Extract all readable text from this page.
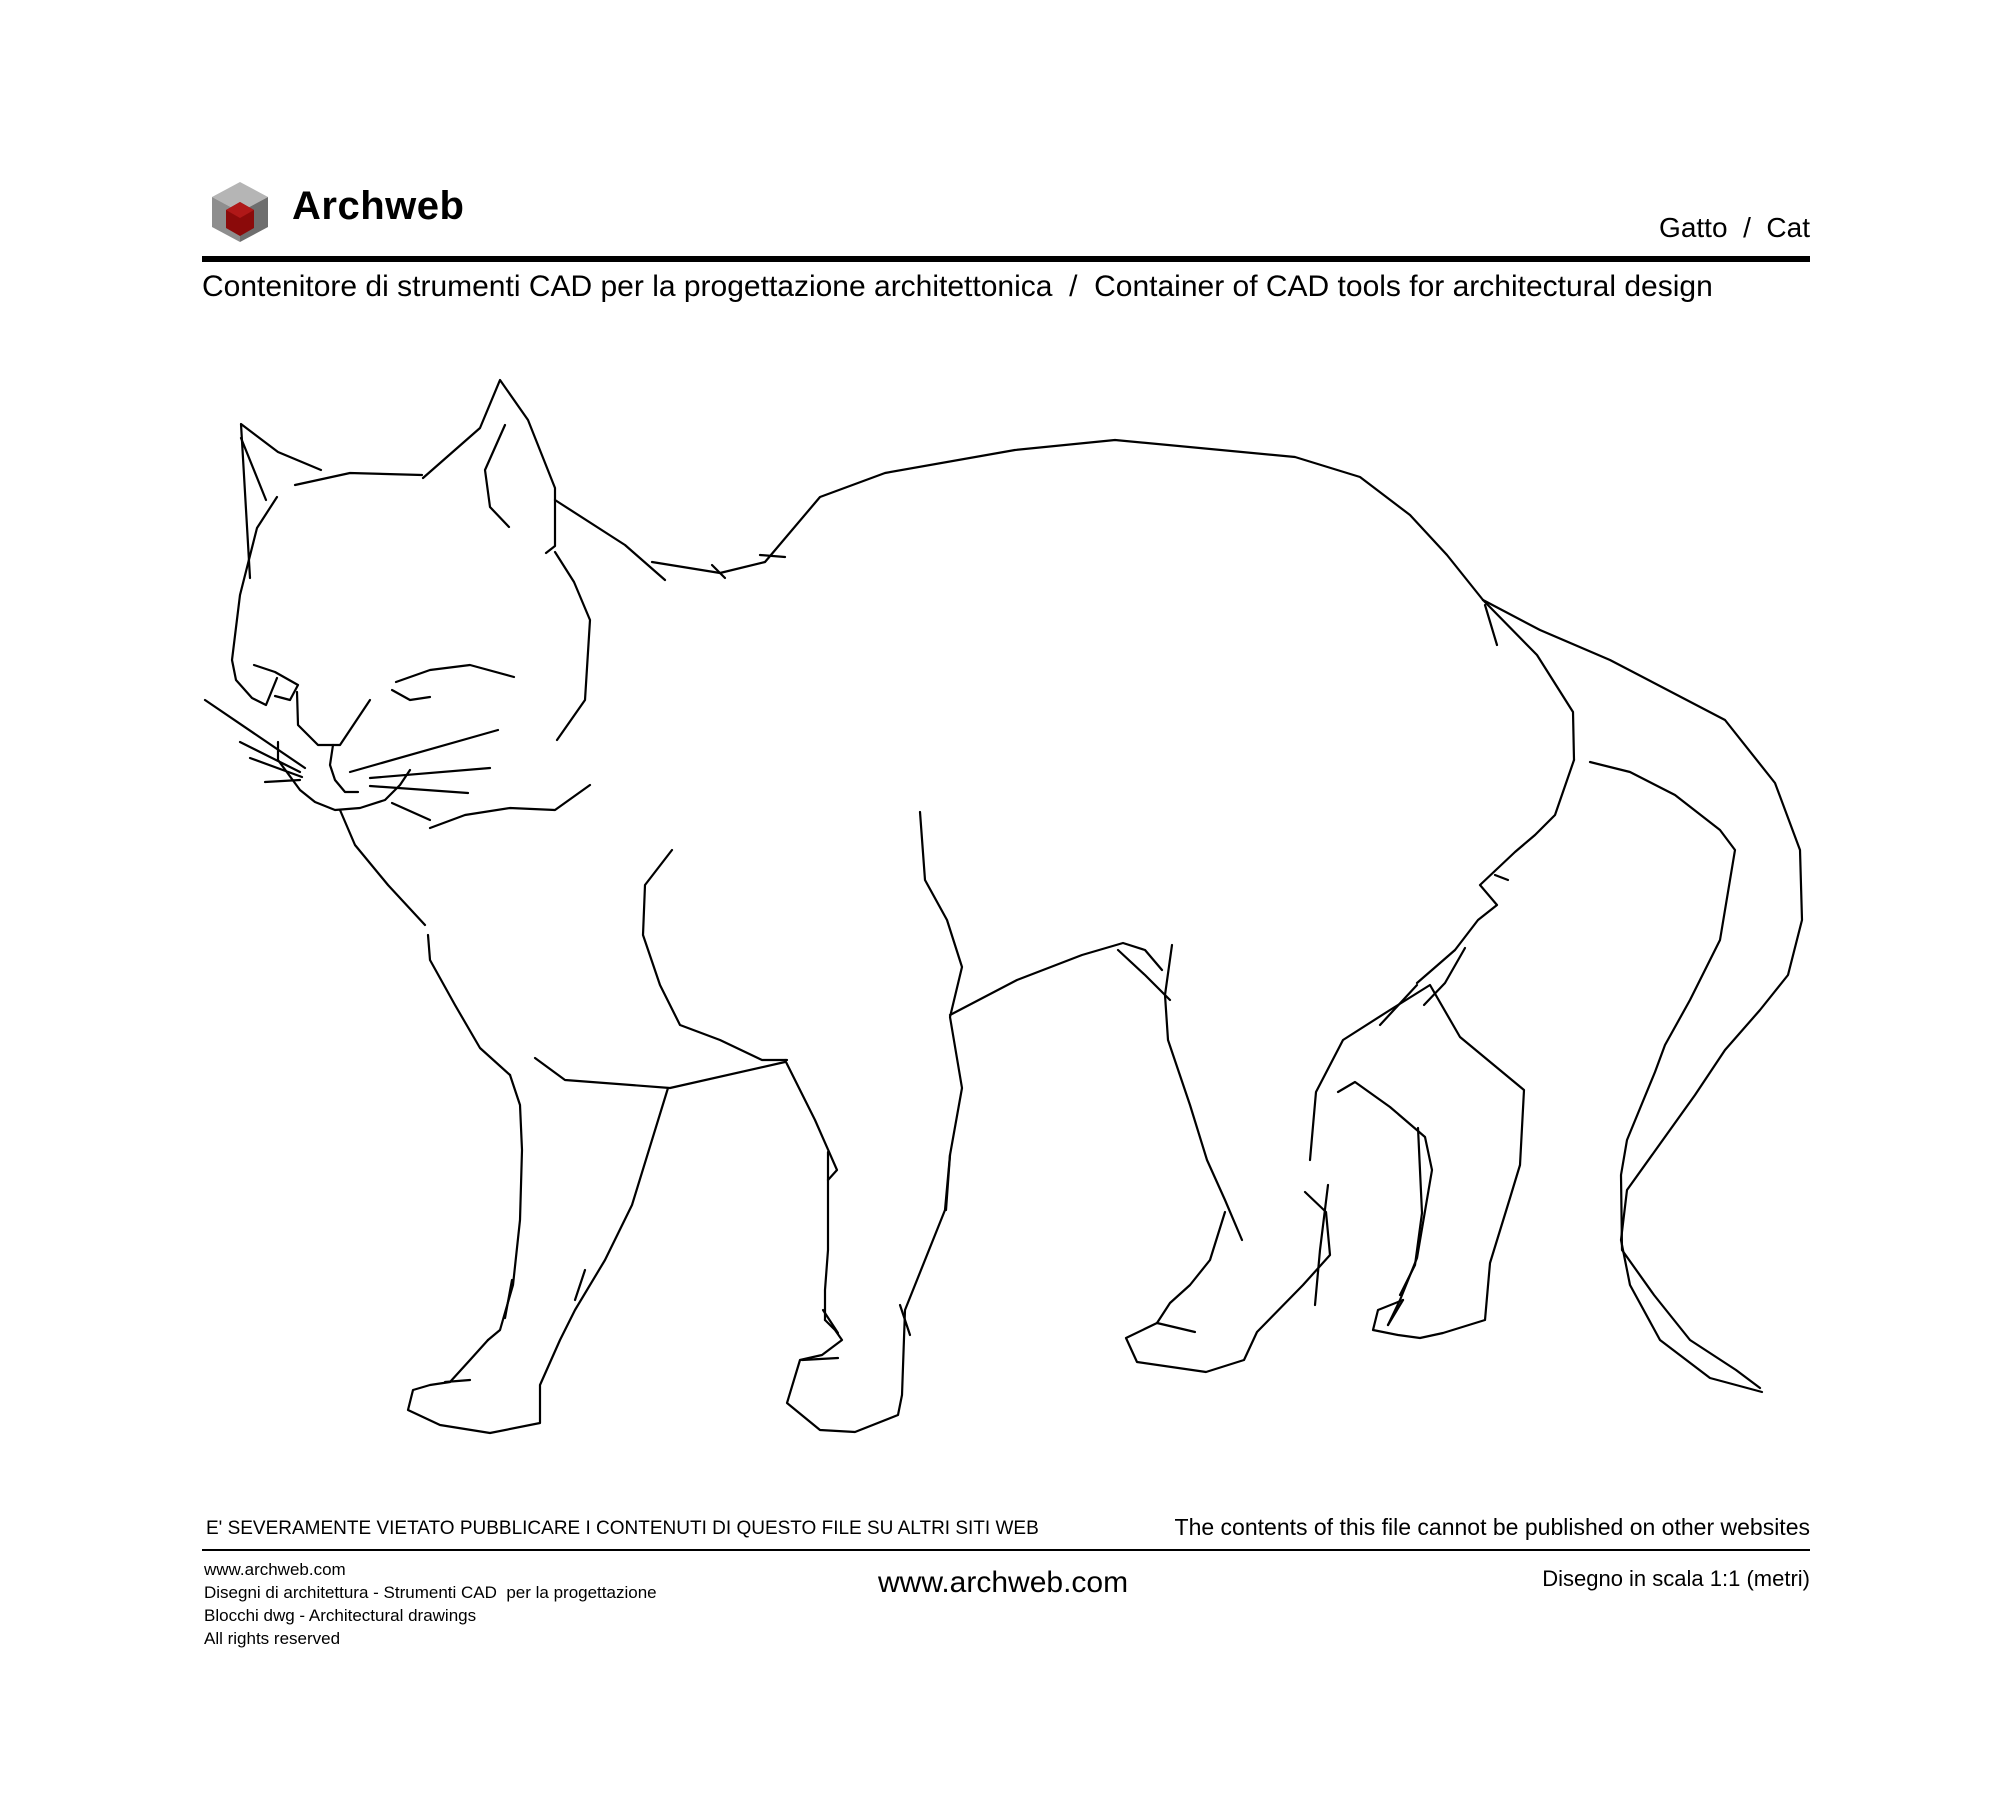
Archweb	Gatto  /  Cat
Contenitore di strumenti CAD per la progettazione architettonica  /  Container of CAD tools for architectural design
E' SEVERAMENTE VIETATO PUBBLICARE I CONTENUTI DI QUESTO FILE SU ALTRI SITI WEB	The contents of this file cannot be published on other websites
www.archweb.com
Disegni di architettura - Strumenti CAD  per la progettazione
Blocchi dwg - Architectural drawings
All rights reserved
www.archweb.com	Disegno in scala 1:1 (metri)
